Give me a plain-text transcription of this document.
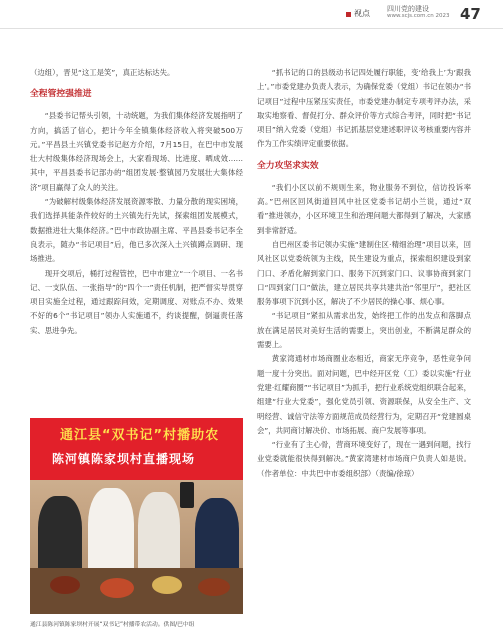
视点 四川党的建设
www.scjs.com.cn 2023 47

（边组），晋见“这工是笑”，真正达标达失。

全程管控强推进

“县委书记帮头引领，十动统题，为我们集体经济发展指明了方向，搞活了信心，把计今年全镇集体经济收入将突破500万元。”平昌县土兴镇党委书记赵方介绍，7月15日，在巴中市发展壮大村级集体经济现场会上，大家看现场、比进度、晒成效……其中，平昌县委书记部办的“组团发展·整镇园乃发展壮大集体经济”项目赢得了众人的关注。

“为破解村级集体经济发展资源零散、力量分散的现实困境，我们选择具能条件较好的土兴镇先行先试，探索组团发展模式，数据推进壮大集体经济。”巴中市政协副主席、平昌县委书记李全良表示，随办“书记项目”后，他已多次深入土兴镇蹲点调研、现场推进。

现开交项后，桶打过程管控，巴中市建立“一个项目、一名书记、一支队伍、一张指导”的“四个一”责任机制，把严督实导贯穿项目实施全过程，通过跟踪问效，定期调度、对账点不办、效果不好的6个“书记项目”领办人实施通不，约谈提醒，倒逼责任落实、思进争先。

“抓书记的口的县级动书记四处履行职能，变‘给我上’为‘跟我上’。”市委党建办负责人表示，为确保党委（党组）书记在领办“书记项目”过程中压紧压实责任，市委党建办制定专项考评办法，采取实地察看、督促打分、群众评价等方式综合考评，同时把“书记项目”纳入党委（党组）书记抓基层党建述职评议考核重要内容并作为工作实绩评定重要依据。

全力攻坚求实效

“我们小区以前不规则生来，物业服务不到位，信访投诉率高。”巴州区回风街道回风中社区党委书记胡小兰说，通过“双看”推进领办，小区环境卫生和治理问题大都得到了解决，大家感到非常舒适。

自巴州区委书记领办实施“建制住区·精细治理”项目以来，回风社区以党委统领为主线，民生建设为重点，探索组织建设到家门口、矛盾化解到家门口、服务下沉到家门口、议事协商到家门口“四到家门口”做法，建立居民共享共建共治“邻里厅”，把社区服务事项下沉到小区，解决了不少居民的操心事、烦心事。

“书记项目”紧扣从需求出发，始终把工作的出发点和落脚点放在满足居民对美好生活的需要上，突出创业，不断满足群众的需要上。

黄家湾通材市场商圈业态相近，商家无序竞争，恶性竞争问题一度十分突出。面对问题，巴中经开区党（工）委以实施“行业党建·红耀商圈”“书记项目”为抓手，把行业系统党组织联合起来，组建“行业大党委”，强化党员引领、资源联保，从安全生产、文明经营、诚信守法等方面规范成员经营行为，定期召开“党建圆桌会”，共同商讨解决价、市场拓展、商户发展等事项。

“行业有了主心骨，营商环境变好了，现在一遇到问题，找行业党委就能很快得到解决。”黄家湾建材市场商户负责人如是说。（作者单位：中共巴中市委组织部）（责编/徐琼）

通江县“双书记”村播助农
陈河镇陈家坝村直播现场
通江县陈河镇陈家坝村开展“双书记”村播带农活动。供图/巴中组
